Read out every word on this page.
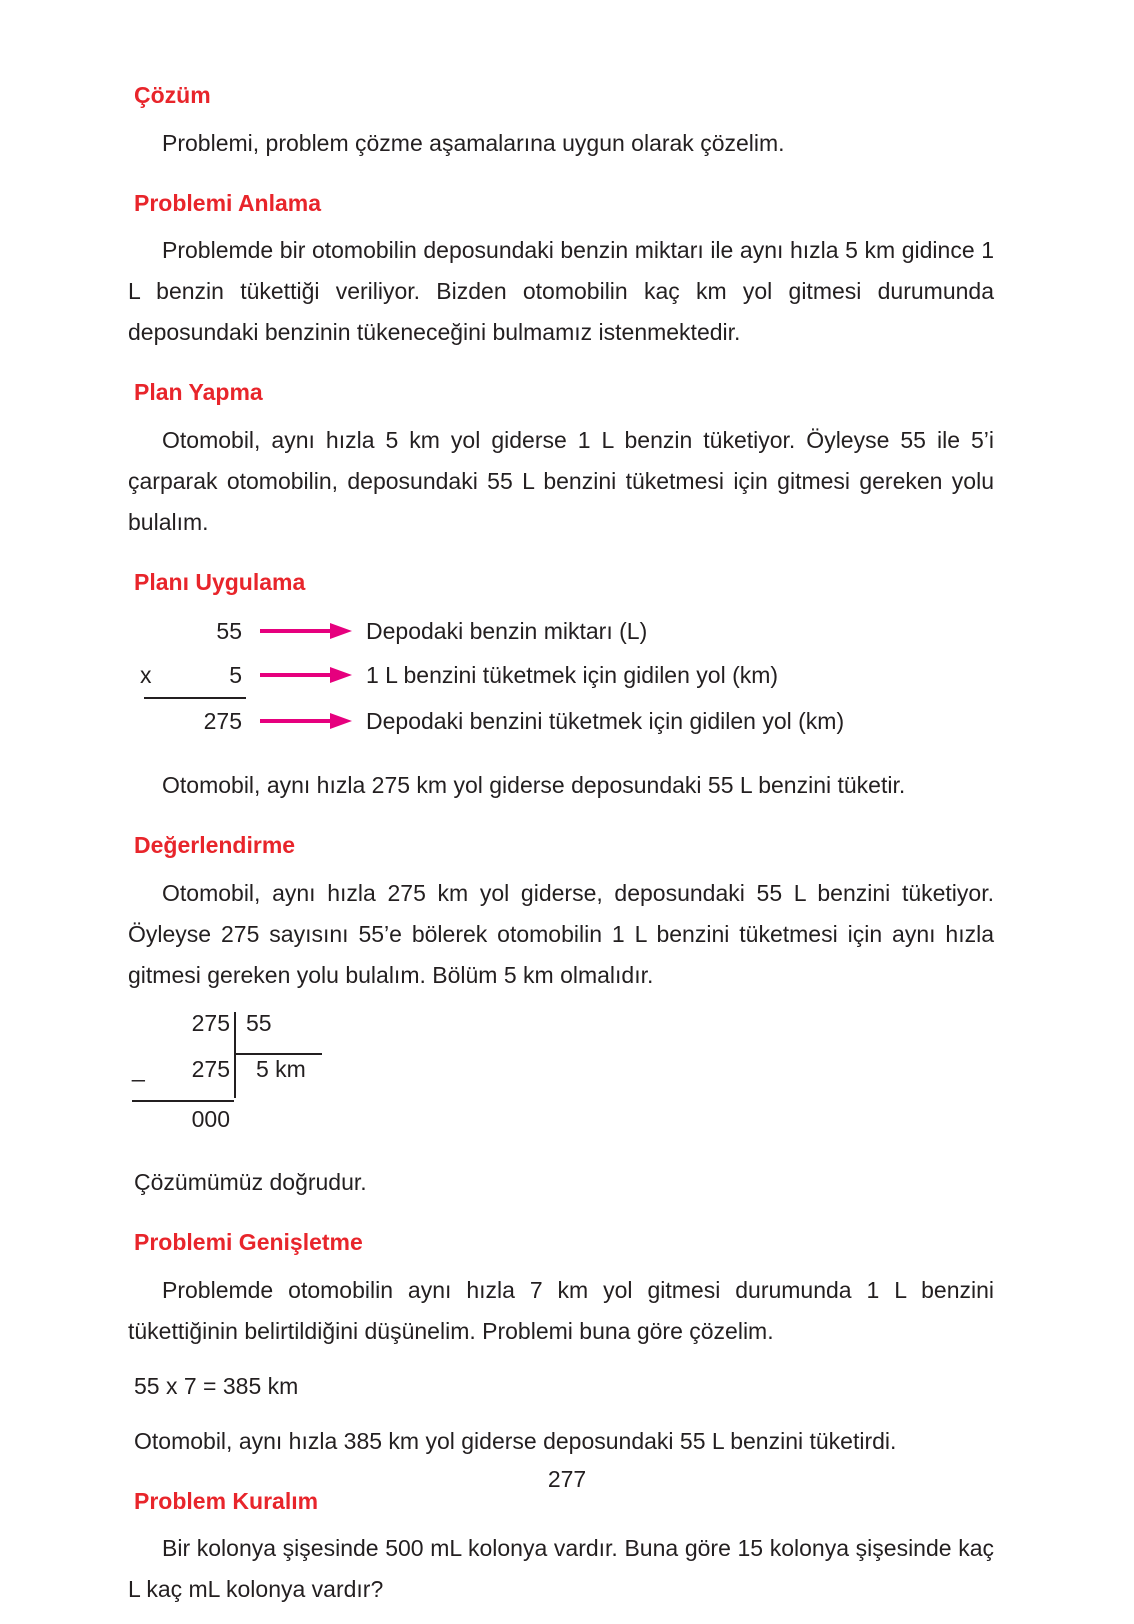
Çözüm

Problemi, problem çözme aşamalarına uygun olarak çözelim.

Problemi Anlama

Problemde bir otomobilin deposundaki benzin miktarı ile aynı hızla 5 km gidince 1 L benzin tükettiği veriliyor. Bizden otomobilin kaç km yol gitmesi durumunda deposundaki benzinin tükeneceğini bulmamız istenmektedir.

Plan Yapma

Otomobil, aynı hızla 5 km yol giderse 1 L benzin tüketiyor. Öyleyse 55 ile 5’i çarparak otomobilin, deposundaki 55 L benzini tüketmesi için gitmesi gereken yolu bulalım.

Planı Uygulama
55	Depodaki benzin miktarı (L)
x	5	1 L benzini tüketmek için gidilen yol (km)
275	Depodaki benzini tüketmek için gidilen yol (km)

Otomobil, aynı hızla 275 km yol giderse deposundaki 55 L benzini tüketir.

Değerlendirme

Otomobil, aynı hızla 275 km yol giderse, deposundaki 55 L benzini tüketiyor. Öyleyse 275 sayısını 55’e bölerek otomobilin 1 L benzini tüketmesi için aynı hızla gitmesi gereken yolu bulalım. Bölüm 5 km olmalıdır.

275 55
_	275 5 km
000

Çözümümüz doğrudur.

Problemi Genişletme

Problemde otomobilin aynı hızla 7 km yol gitmesi durumunda 1 L benzini tükettiğinin belirtildiğini düşünelim. Problemi buna göre çözelim.

55 x 7 = 385 km

Otomobil, aynı hızla 385 km yol giderse deposundaki 55 L benzini tüketirdi.

Problem Kuralım

Bir kolonya şişesinde 500 mL kolonya vardır. Buna göre 15 kolonya şişesinde kaç L kaç mL kolonya vardır?

277
